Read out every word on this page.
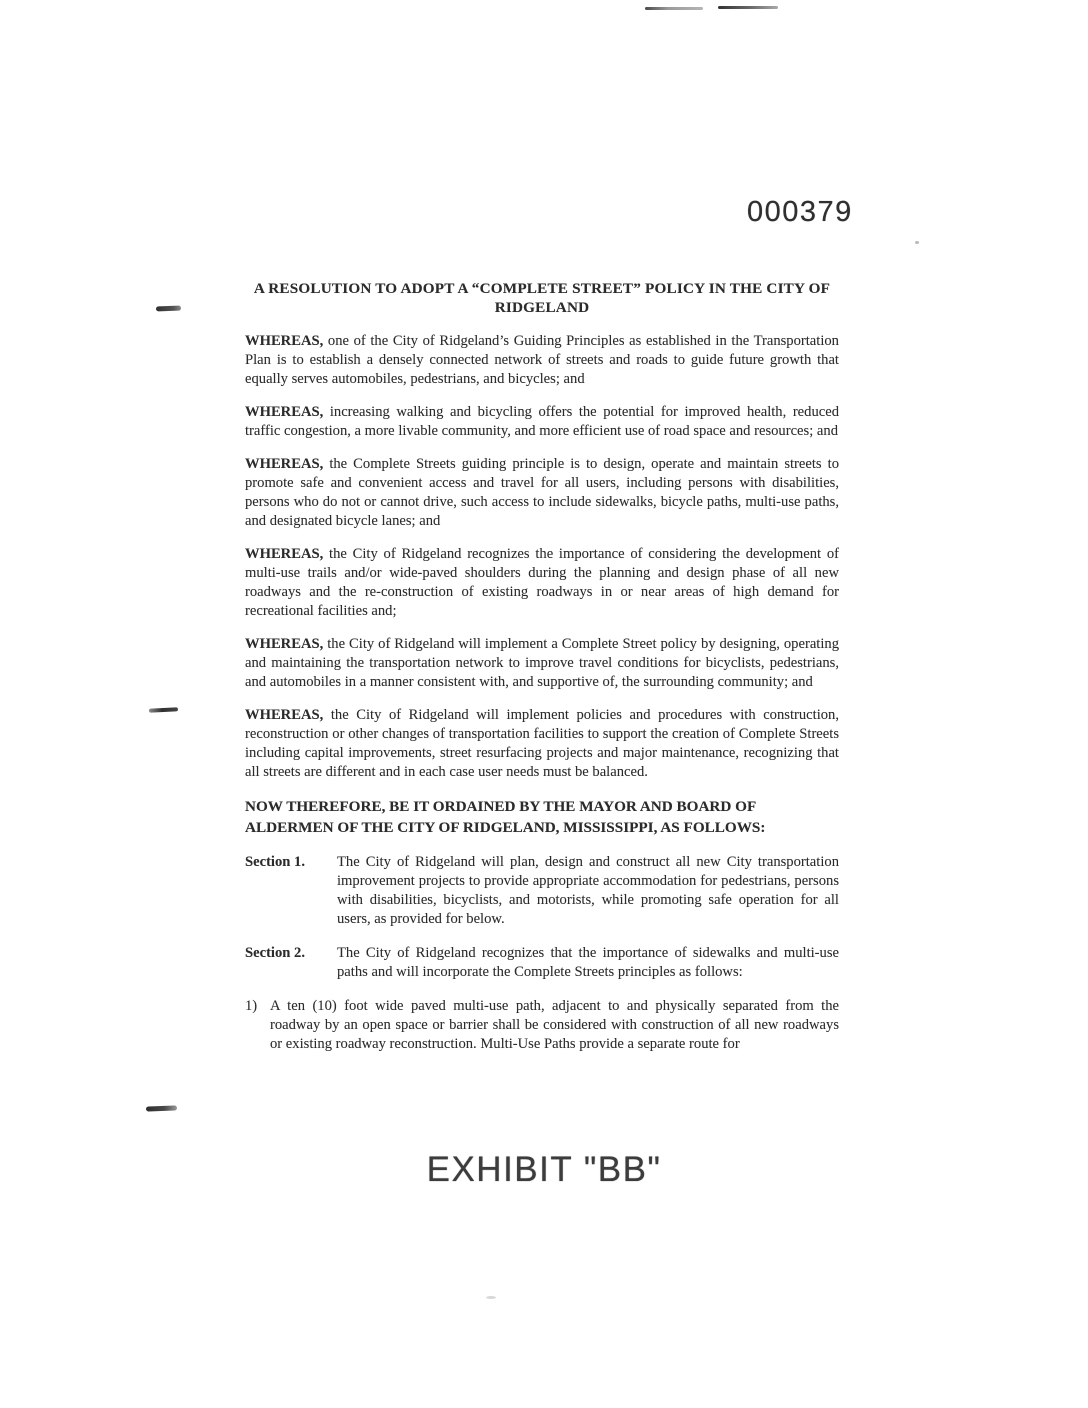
000379
A RESOLUTION TO ADOPT A “COMPLETE STREET” POLICY IN THE CITY OF
RIDGELAND

WHEREAS, one of the City of Ridgeland’s Guiding Principles as established in the Transportation Plan is to establish a densely connected network of streets and roads to guide future growth that equally serves automobiles, pedestrians, and bicycles; and

WHEREAS, increasing walking and bicycling offers the potential for improved health, reduced traffic congestion, a more livable community, and more efficient use of road space and resources; and

WHEREAS, the Complete Streets guiding principle is to design, operate and maintain streets to promote safe and convenient access and travel for all users, including persons with disabilities, persons who do not or cannot drive, such access to include sidewalks, bicycle paths, multi-use paths, and designated bicycle lanes; and

WHEREAS, the City of Ridgeland recognizes the importance of considering the development of multi-use trails and/or wide-paved shoulders during the planning and design phase of all new roadways and the re-construction of existing roadways in or near areas of high demand for recreational facilities and;

WHEREAS, the City of Ridgeland will implement a Complete Street policy by designing, operating and maintaining the transportation network to improve travel conditions for bicyclists, pedestrians, and automobiles in a manner consistent with, and supportive of, the surrounding community; and

WHEREAS, the City of Ridgeland will implement policies and procedures with construction, reconstruction or other changes of transportation facilities to support the creation of Complete Streets including capital improvements, street resurfacing projects and major maintenance, recognizing that all streets are different and in each case user needs must be balanced.

NOW THEREFORE, BE IT ORDAINED BY THE MAYOR AND BOARD OF
ALDERMEN OF THE CITY OF RIDGELAND, MISSISSIPPI, AS FOLLOWS:
Section 1.	The City of Ridgeland will plan, design and construct all new City transportation improvement projects to provide appropriate accommodation for pedestrians, persons with disabilities, bicyclists, and motorists, while promoting safe operation for all users, as provided for below.
Section 2.	The City of Ridgeland recognizes that the importance of sidewalks and multi-use paths and will incorporate the Complete Streets principles as follows:
1) A ten (10) foot wide paved multi-use path, adjacent to and physically separated from the roadway by an open space or barrier shall be considered with construction of all new roadways or existing roadway reconstruction. Multi-Use Paths provide a separate route for
EXHIBIT "BB"
